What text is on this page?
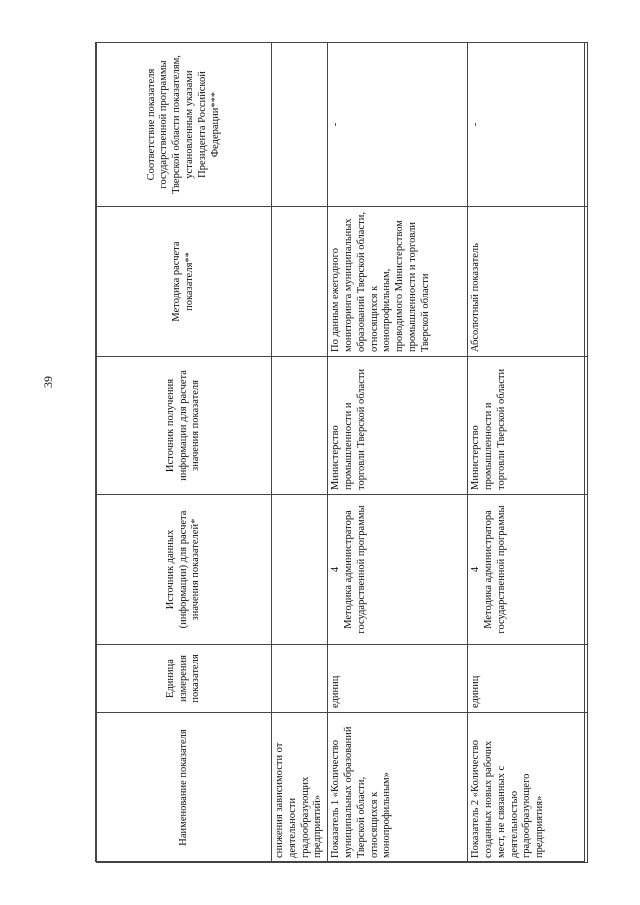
39
Наименование показателя	Единица измерения показателя	Источник данных (информации) для расчета значения показателей*	Источник получения информации для расчета значения показателя	Методика расчета показателя**	Соответствие показателя государственной программы Тверской области показателям, установленным указами Президента Российской Федерации***
снижения зависимости от деятельности градообразующих предприятий»		

Показатель 1 «Количество муниципальных образований Тверской области, относящихся к монопрофильным»	единиц	4 Методика администратора государственной программы	Министерство промышленности и торговли Тверской области	По данным ежегодного мониторинга муниципальных образований Тверской области, относящихся к монопрофильным, проводимого Министерством промышленности и торговли Тверской области	-
Показатель 2 «Количество созданных новых рабочих мест, не связанных с деятельностью градообразующего предприятия»	единиц	4 Методика администратора государственной программы	Министерство промышленности и торговли Тверской области	Абсолютный показатель	-
